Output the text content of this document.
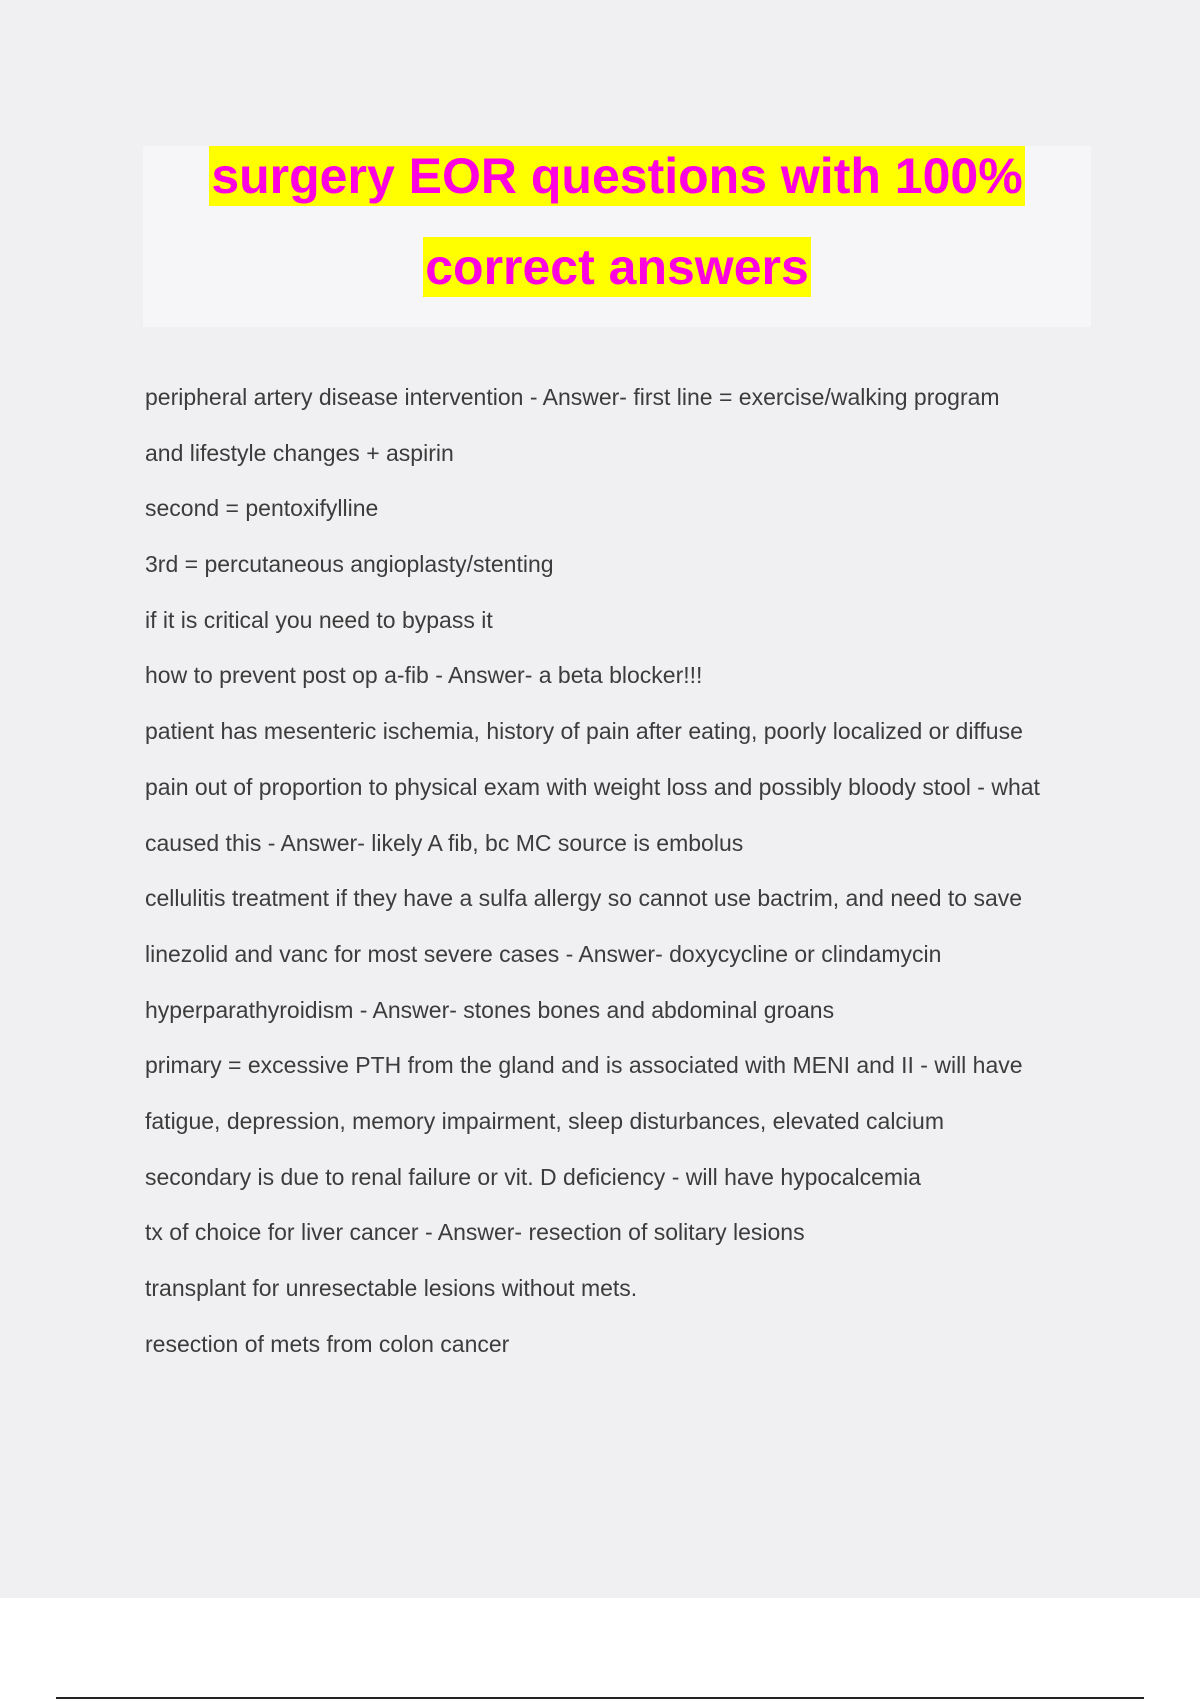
surgery EOR questions with 100%
correct answers
peripheral artery disease intervention - Answer- first line = exercise/walking program
and lifestyle changes + aspirin
second = pentoxifylline
3rd = percutaneous angioplasty/stenting
if it is critical you need to bypass it
how to prevent post op a-fib - Answer- a beta blocker!!!
patient has mesenteric ischemia, history of pain after eating, poorly localized or diffuse
pain out of proportion to physical exam with weight loss and possibly bloody stool - what
caused this - Answer- likely A fib, bc MC source is embolus
cellulitis treatment if they have a sulfa allergy so cannot use bactrim, and need to save
linezolid and vanc for most severe cases - Answer- doxycycline or clindamycin
hyperparathyroidism - Answer- stones bones and abdominal groans
primary = excessive PTH from the gland and is associated with MENI and II - will have
fatigue, depression, memory impairment, sleep disturbances, elevated calcium
secondary is due to renal failure or vit. D deficiency - will have hypocalcemia
tx of choice for liver cancer - Answer- resection of solitary lesions
transplant for unresectable lesions without mets.
resection of mets from colon cancer
